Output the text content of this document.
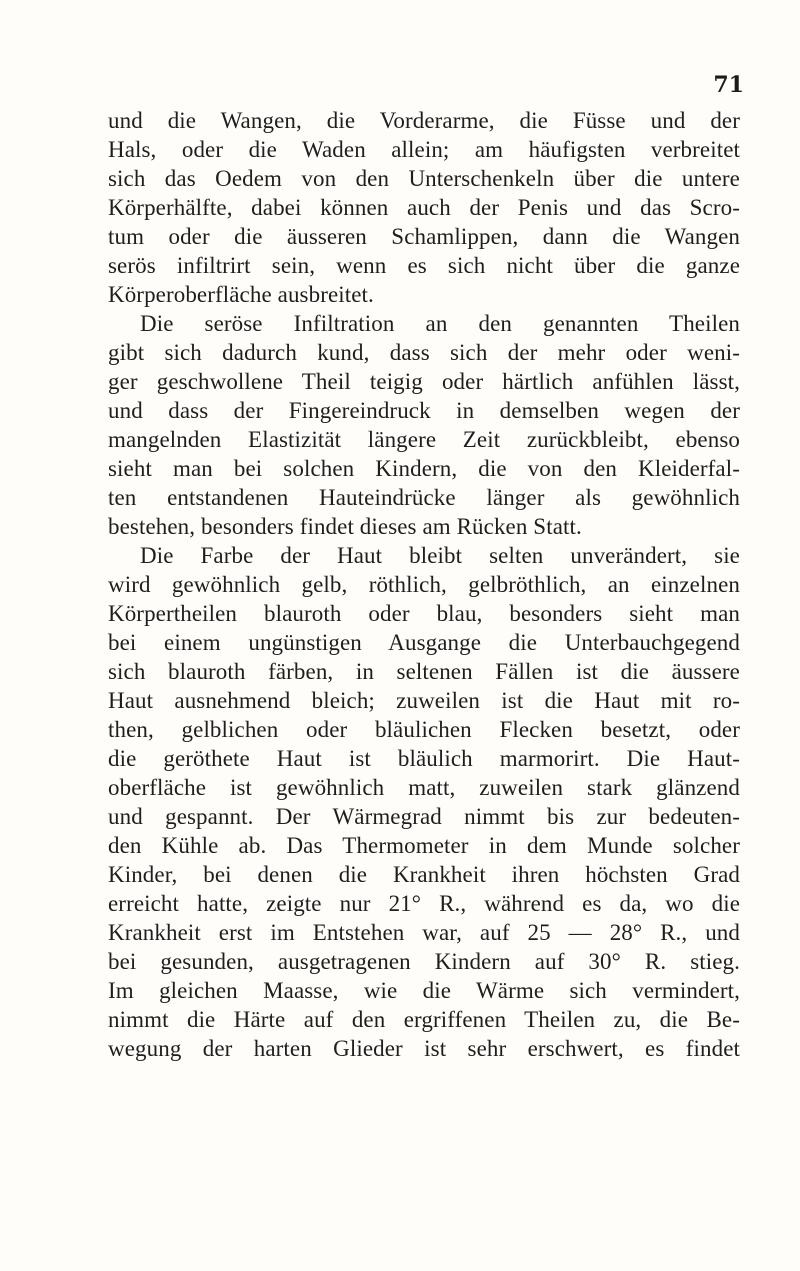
71
und die Wangen, die Vorderarme, die Füsse und der
Hals, oder die Waden allein; am häufigsten verbreitet
sich das Oedem von den Unterschenkeln über die untere
Körperhälfte, dabei können auch der Penis und das Scro-
tum oder die äusseren Schamlippen, dann die Wangen
serös infiltrirt sein, wenn es sich nicht über die ganze
Körperoberfläche ausbreitet.
Die seröse Infiltration an den genannten Theilen
gibt sich dadurch kund, dass sich der mehr oder weni-
ger geschwollene Theil teigig oder härtlich anfühlen lässt,
und dass der Fingereindruck in demselben wegen der
mangelnden Elastizität längere Zeit zurückbleibt, ebenso
sieht man bei solchen Kindern, die von den Kleiderfal-
ten entstandenen Hauteindrücke länger als gewöhnlich
bestehen, besonders findet dieses am Rücken Statt.
Die Farbe der Haut bleibt selten unverändert, sie
wird gewöhnlich gelb, röthlich, gelbröthlich, an einzelnen
Körpertheilen blauroth oder blau, besonders sieht man
bei einem ungünstigen Ausgange die Unterbauchgegend
sich blauroth färben, in seltenen Fällen ist die äussere
Haut ausnehmend bleich; zuweilen ist die Haut mit ro-
then, gelblichen oder bläulichen Flecken besetzt, oder
die geröthete Haut ist bläulich marmorirt. Die Haut-
oberfläche ist gewöhnlich matt, zuweilen stark glänzend
und gespannt. Der Wärmegrad nimmt bis zur bedeuten-
den Kühle ab. Das Thermometer in dem Munde solcher
Kinder, bei denen die Krankheit ihren höchsten Grad
erreicht hatte, zeigte nur 21° R., während es da, wo die
Krankheit erst im Entstehen war, auf 25 — 28° R., und
bei gesunden, ausgetragenen Kindern auf 30° R. stieg.
Im gleichen Maasse, wie die Wärme sich vermindert,
nimmt die Härte auf den ergriffenen Theilen zu, die Be-
wegung der harten Glieder ist sehr erschwert, es findet
